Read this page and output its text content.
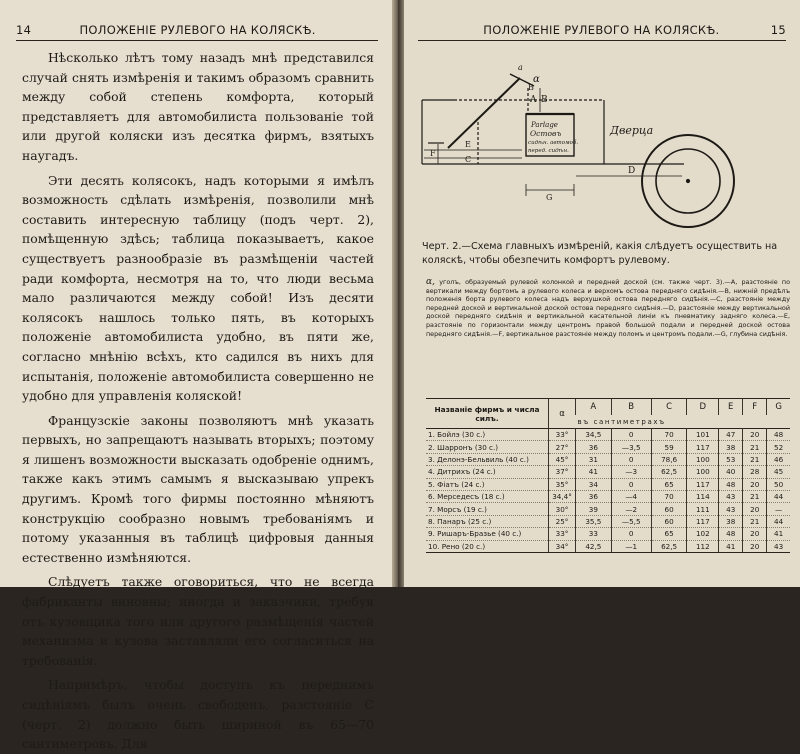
14	ПОЛОЖЕНІЕ РУЛЕВОГО НА КОЛЯСКѢ.

Нѣсколько лѣтъ тому назадъ мнѣ представился случай снять измѣренія и такимъ образомъ сравнить между собой степень комфорта, который представляетъ для автомобилиста пользованіе той или другой коляски изъ десятка фирмъ, взятыхъ наугадъ.

Эти десять колясокъ, надъ которыми я имѣлъ возможность сдѣлать измѣренія, позволили мнѣ составить интересную таблицу (подъ черт. 2), помѣщенную здѣсь; таблица показываетъ, какое существуетъ разнообразіе въ размѣщеніи частей ради комфорта, несмотря на то, что люди весьма мало различаются между собой! Изъ десяти колясокъ нашлось только пять, въ которыхъ положеніе автомобилиста удобно, въ пяти же, согласно мнѣнію всѣхъ, кто садился въ нихъ для испытанія, положеніе автомобилиста совершенно не удобно для управленія коляской!

Французскіе законы позволяютъ мнѣ указать первыхъ, но запрещаютъ называть вторыхъ; поэтому я лишенъ возможности высказать одобреніе однимъ, также какъ этимъ самымъ я высказываю упрекъ другимъ. Кромѣ того фирмы постоянно мѣняютъ конструкцію сообразно новымъ требованіямъ и потому указанныя въ таблицѣ цифровыя данныя естественно измѣняются.

Слѣдуетъ также оговориться, что не всегда фабриканты виновны; иногда и заказчики, требуя отъ кузовщика того или другого размѣщенія частей механизма и кузова заставляли его согласиться на требованія.

Напримѣръ, чтобы доступъ къ переднимъ сидѣніямъ былъ очень свободенъ, разстояніе С (черт. 2) должно быть шириной въ 65—70 сантиметровъ. Для

ПОЛОЖЕНІЕ РУЛЕВОГО НА КОЛЯСКѢ.	15
α
a
B
A B
C
D
E
F
G
Parlage
Остовъ
сидѣн. автомоб.
перед. сидѣн.
Дверца
Черт. 2.—Схема главныхъ измѣреній, какія слѣдуетъ осуществить на коляскѣ, чтобы обезпечить комфортъ рулевому.
α, уголъ, образуемый рулевой колонкой и передней доской (см. также черт. 3).—A, разстояніе по вертикали между бортомъ а рулевого колеса и верхомъ остова передняго сидѣнія.—B, нижній предѣлъ положенія борта рулевого колеса надъ верхушкой остова передняго сидѣнія.—C, разстояніе между передней доской и вертикальной доской остова передняго сидѣнія.—D, разстояніе между вертикальной доской передняго сидѣнія и вертикальной касательной линіи къ пневматику задняго колеса.—E, разстояніе по горизонтали между центромъ правой большой подали и передней доской остова передняго сидѣнія.—F, вертикальное разстояніе между поломъ и центромъ подали.—G, глубина сидѣнія.
Названіе фирмъ и числа силъ.	α	A	B	C	D	E	F	G
		въ сантиметрахъ						
1. Бойлэ (30 с.)	33°	34,5	0	70	101	47	20	48
2. Шарронъ (30 с.)	27°	36	—3,5	59	117	38	21	52
3. Делонэ-Бельвиль (40 с.)	45°	31	0	78,6	100	53	21	46
4. Дитрихъ (24 с.)	37°	41	—3	62,5	100	40	28	45
5. Фіатъ (24 с.)	35°	34	0	65	117	48	20	50
6. Мерседесъ (18 с.)	34,4°	36	—4	70	114	43	21	44
7. Морсъ (19 с.)	30°	39	—2	60	111	43	20	—
8. Панаръ (25 с.)	25°	35,5	—5,5	60	117	38	21	44
9. Ришаръ-Бразье (40 с.)	33°	33	0	65	102	48	20	41
10. Рено (20 с.)	34°	42,5	—1	62,5	112	41	20	43
